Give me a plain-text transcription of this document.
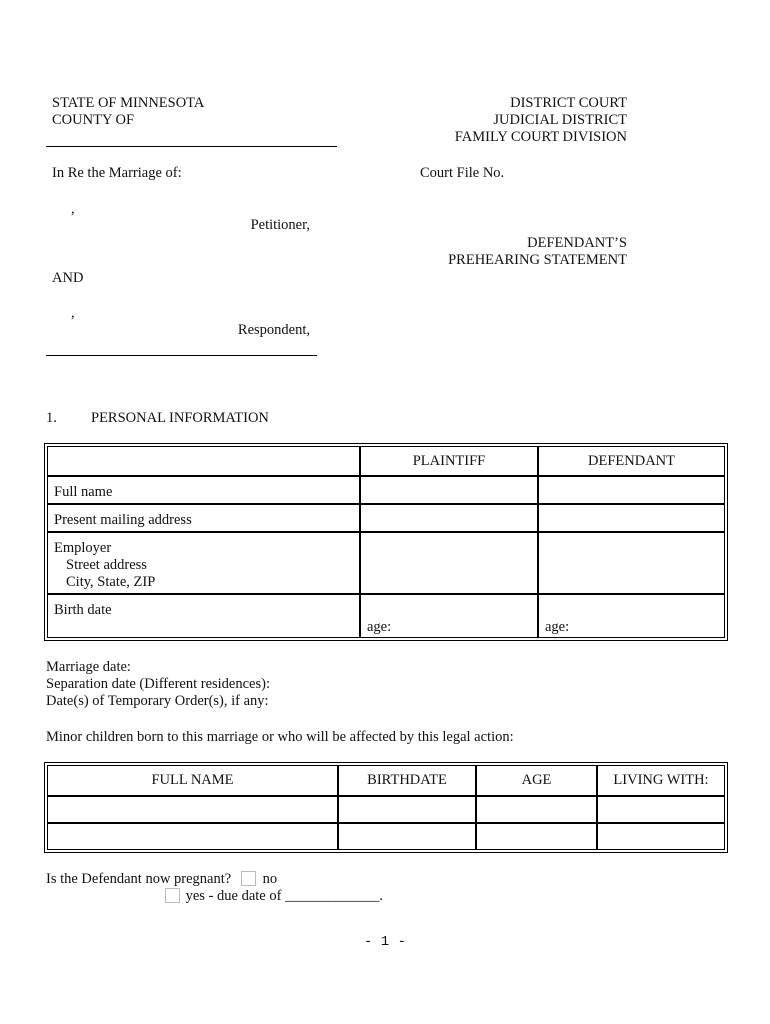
STATE OF MINNESOTA
COUNTY OF
DISTRICT COURT
JUDICIAL DISTRICT
FAMILY COURT DIVISION
In Re the Marriage of:	Court File No.
,
Petitioner,
DEFENDANT’S
PREHEARING STATEMENT
AND
,
Respondent,
1. PERSONAL INFORMATION
	PLAINTIFF	DEFENDANT

Full name		

Present mailing address		

Employer
Street address
City, State, ZIP		

Birth date	age:	age:
Marriage date:
Separation date (Different residences):
Date(s) of Temporary Order(s), if any:
Minor children born to this marriage or who will be affected by this legal action:
FULL NAME	BIRTHDATE	AGE	LIVING WITH:

Is the Defendant now pregnant?	no
yes - due date of _____________.
- 1 -
